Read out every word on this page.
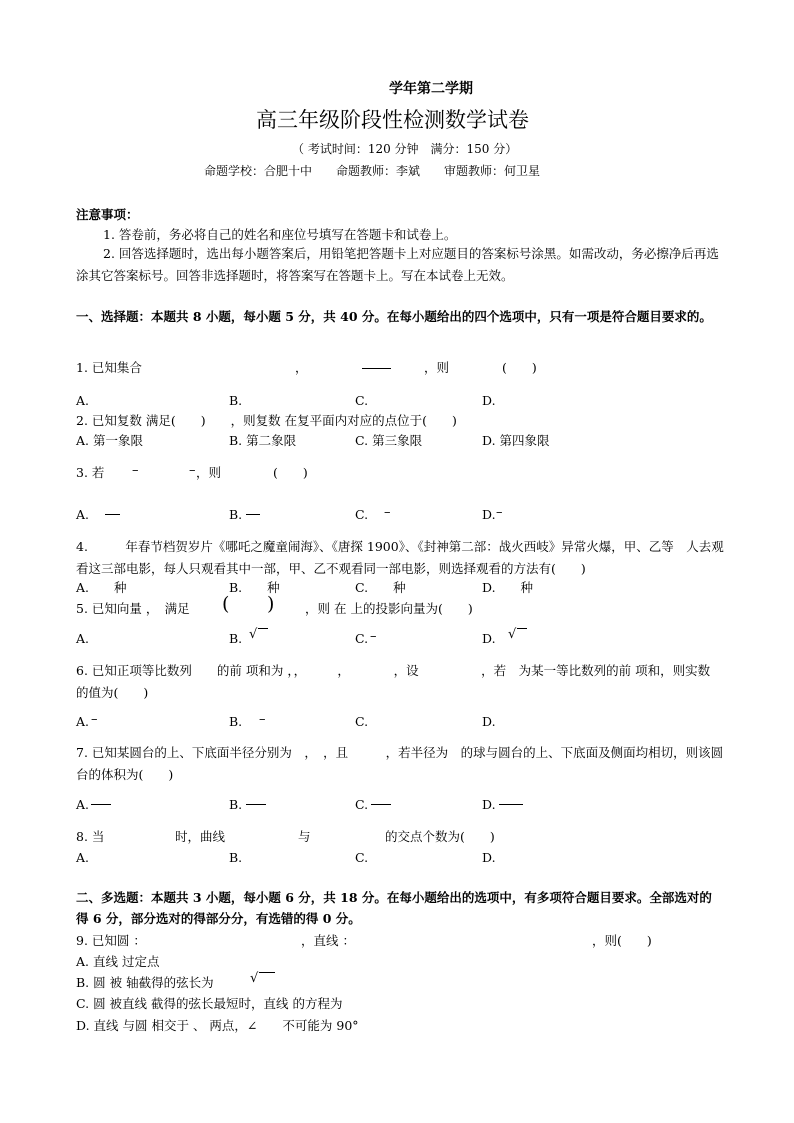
学年第二学期
高三年级阶段性检测数学试卷
（ 考试时间：120 分钟　满分：150 分）
命题学校：合肥十中　　命题教师：李斌　　审题教师：何卫星
注意事项：
1. 答卷前，务必将自己的姓名和座位号填写在答题卡和试卷上。
2. 回答选择题时，选出每小题答案后，用铅笔把答题卡上对应题目的答案标号涂黑。如需改动，务必擦净后再选涂其它答案标号。回答非选择题时，将答案写在答题卡上。写在本试卷上无效。
一、选择题：本题共 8 小题，每小题 5 分，共 40 分。在每小题给出的四个选项中，只有一项是符合题目要求的。
1. 已知集合	，	，则	(　　)
A.	B.	C.	D.
2. 已知复数 满足(　　)　　，则复数 在复平面内对应的点位于(　　)
A. 第一象限	B. 第二象限	C. 第三象限	D. 第四象限
3. 若 –	– ，则	(　　)
A.	B.	C. –	D. –
4.　　　年春节档贺岁片《哪吒之魔童闹海》、《唐探 1900》、《封神第二部：战火西岐》异常火爆，甲、乙等　人去观看这三部电影，每人只观看其中一部，甲、乙不观看同一部电影，则选择观看的方法有(　　)
A.　　种	B.　　种	C.　　种	D.　　种
5. 已知向量 ，　满足 ( ) ，则 在 上的投影向量为(　　)
A.	B. √	C. –	D. √
6. 已知正项等比数列　　的前 项和为 ，，　　　，　　　　，设　　　　　，若　为某一等比数列的前 项和，则实数 的值为(　　)
A. –	B. –	C.	D.
7. 已知某圆台的上、下底面半径分别为　，　，且　　　，若半径为　的球与圆台的上、下底面及侧面均相切，则该圆台的体积为(　　)
A.	B.	C.	D.
8. 当	时，曲线	与	的交点个数为(　　)
A.	B.	C.	D.
二、多选题：本题共 3 小题，每小题 6 分，共 18 分。在每小题给出的选项中，有多项符合题目要求。全部选对的得 6 分，部分选对的得部分分，有选错的得 0 分。
9. 已知圆 ：	，直线 ：	，则(　　)
A. 直线 过定点
B. 圆 被 轴截得的弦长为	√
C. 圆 被直线 截得的弦长最短时，直线 的方程为
D. 直线 与圆 相交于 、 两点，∠　　不可能为 90°
